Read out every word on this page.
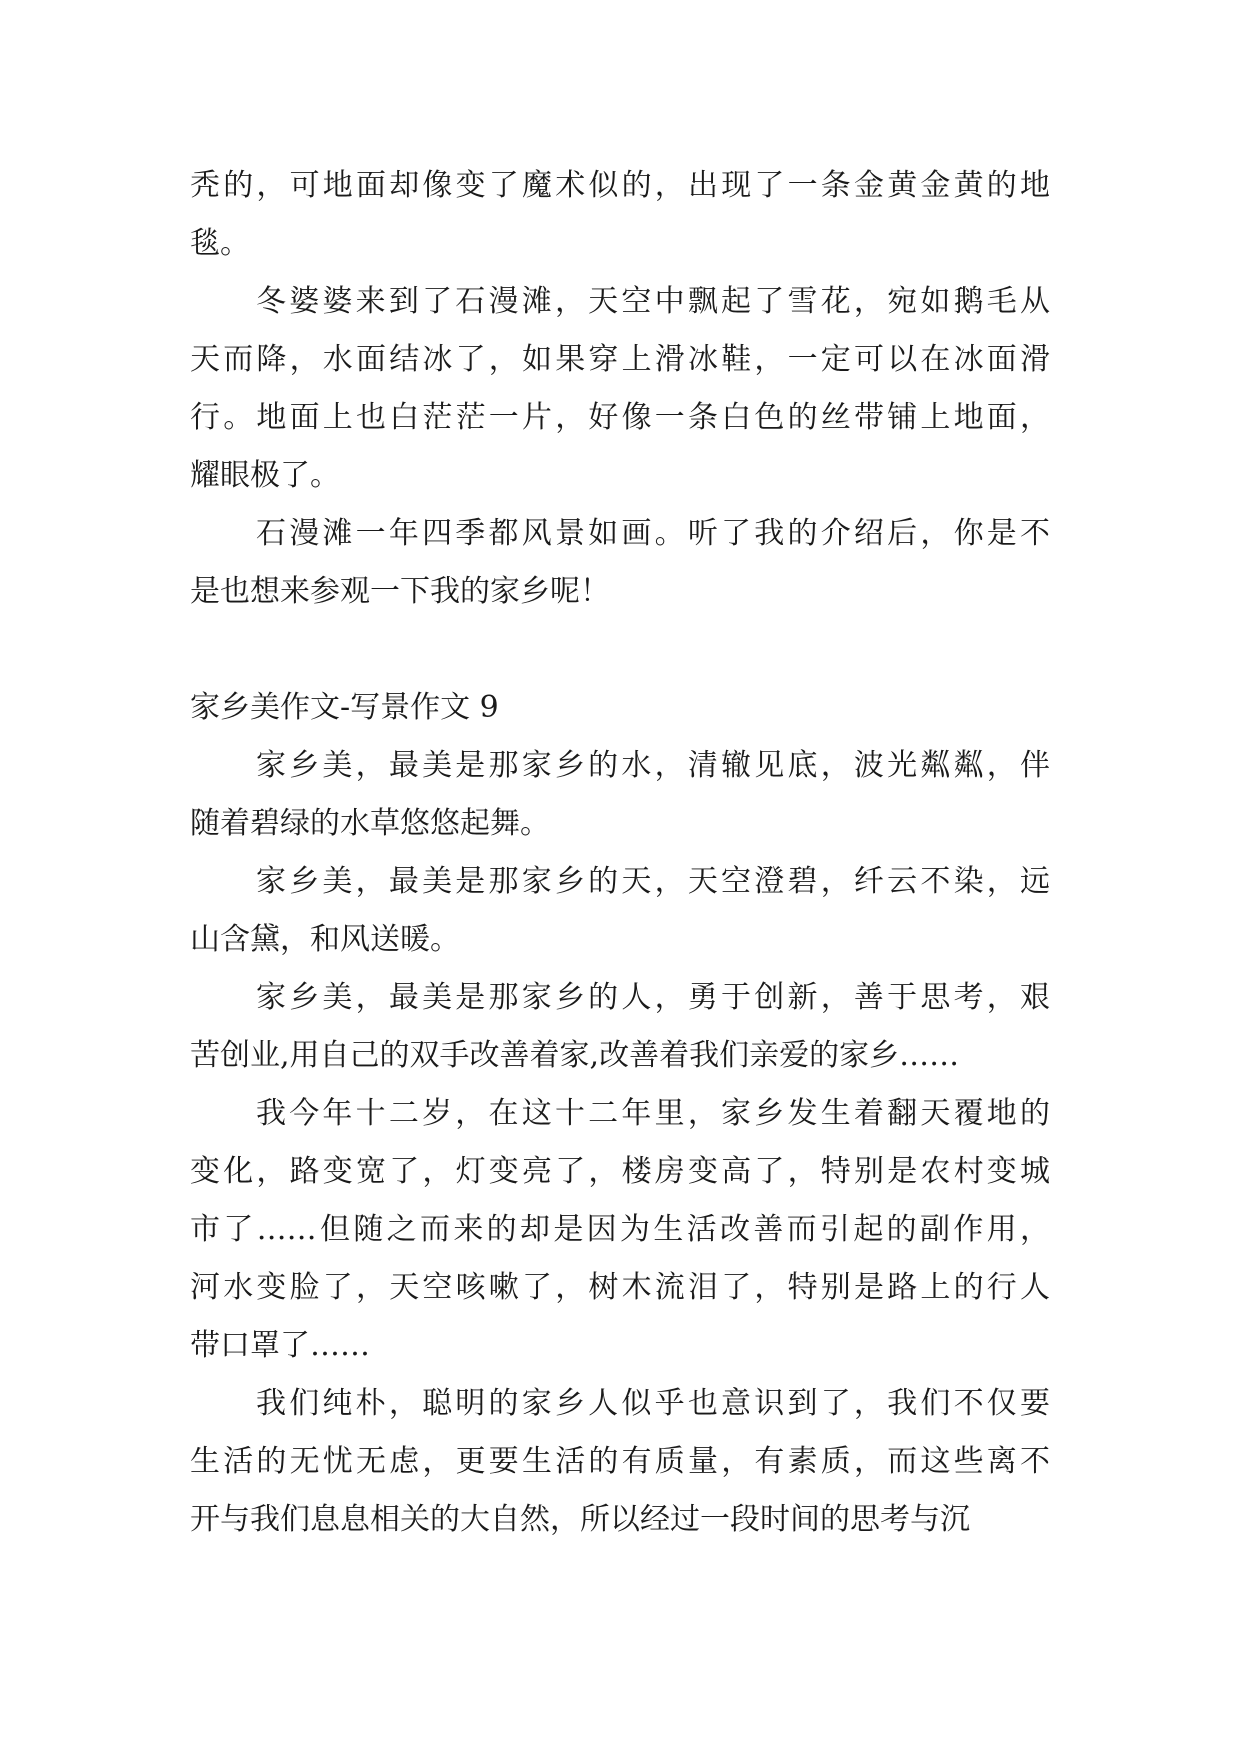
秃的，可地面却像变了魔术似的，出现了一条金黄金黄的地
毯。
冬婆婆来到了石漫滩，天空中飘起了雪花，宛如鹅毛从
天而降，水面结冰了，如果穿上滑冰鞋，一定可以在冰面滑
行。地面上也白茫茫一片，好像一条白色的丝带铺上地面，
耀眼极了。
石漫滩一年四季都风景如画。听了我的介绍后，你是不
是也想来参观一下我的家乡呢！
家乡美作文-写景作文 9
家乡美，最美是那家乡的水，清辙见底，波光粼粼，伴
随着碧绿的水草悠悠起舞。
家乡美，最美是那家乡的天，天空澄碧，纤云不染，远
山含黛，和风送暖。
家乡美，最美是那家乡的人，勇于创新，善于思考，艰
苦创业,用自己的双手改善着家,改善着我们亲爱的家乡……
我今年十二岁，在这十二年里，家乡发生着翻天覆地的
变化，路变宽了，灯变亮了，楼房变高了，特别是农村变城
市了……但随之而来的却是因为生活改善而引起的副作用，
河水变脸了，天空咳嗽了，树木流泪了，特别是路上的行人
带口罩了……
我们纯朴，聪明的家乡人似乎也意识到了，我们不仅要
生活的无忧无虑，更要生活的有质量，有素质，而这些离不
开与我们息息相关的大自然，所以经过一段时间的思考与沉
